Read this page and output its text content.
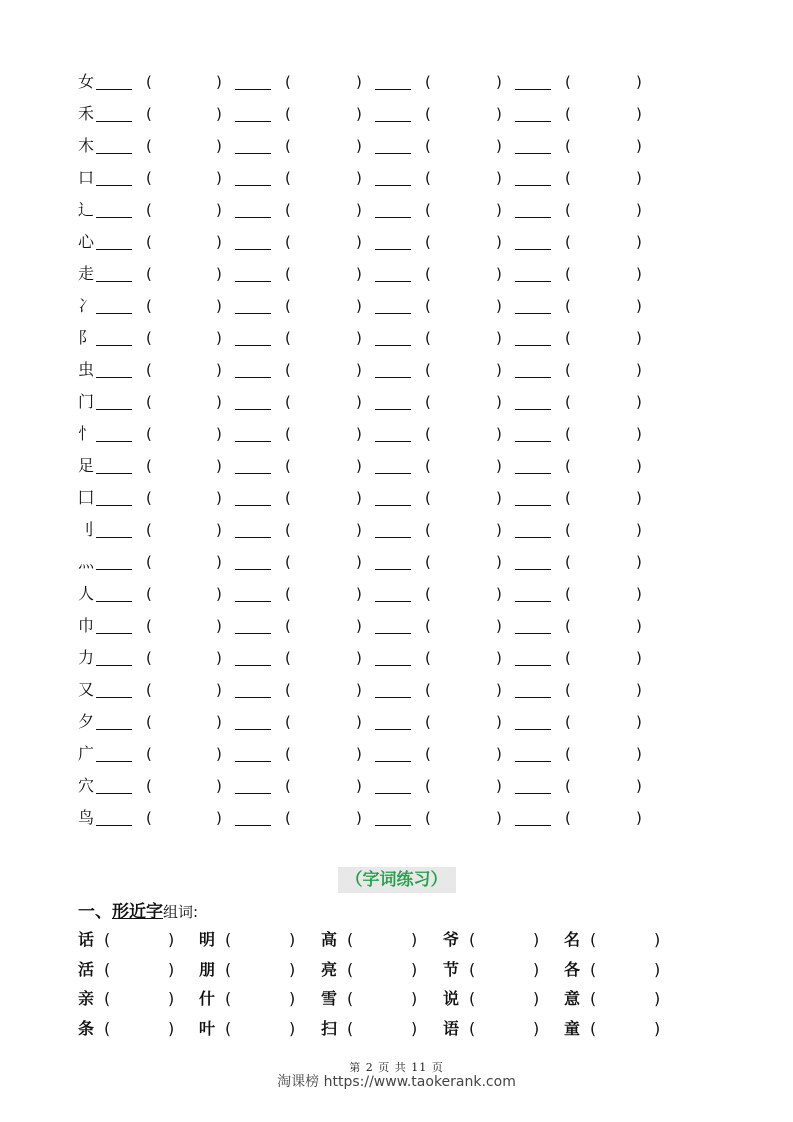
女	(	)	(	)	(	)	(	)
禾	(	)	(	)	(	)	(	)
木	(	)	(	)	(	)	(	)
口	(	)	(	)	(	)	(	)
辶	(	)	(	)	(	)	(	)
心	(	)	(	)	(	)	(	)
走	(	)	(	)	(	)	(	)
冫	(	)	(	)	(	)	(	)
阝	(	)	(	)	(	)	(	)
虫	(	)	(	)	(	)	(	)
门	(	)	(	)	(	)	(	)
忄	(	)	(	)	(	)	(	)
足	(	)	(	)	(	)	(	)
囗	(	)	(	)	(	)	(	)
刂	(	)	(	)	(	)	(	)
灬	(	)	(	)	(	)	(	)
人	(	)	(	)	(	)	(	)
巾	(	)	(	)	(	)	(	)
力	(	)	(	)	(	)	(	)
又	(	)	(	)	(	)	(	)
夕	(	)	(	)	(	)	(	)
广	(	)	(	)	(	)	(	)
穴	(	)	(	)	(	)	(	)
鸟	(	)	(	)	(	)	(	)
（字词练习）
一、形近字组词:
话 (	) 明 (	) 高 (	) 爷 (	) 名 (	)
活 (	) 朋 (	) 亮 (	) 节 (	) 各 (	)
亲 (	) 什 (	) 雪 (	) 说 (	) 意 (	)
条 (	) 叶 (	) 扫 (	) 语 (	) 童 (	)
第 2 页 共 11 页
淘课榜 https://www.taokerank.com
